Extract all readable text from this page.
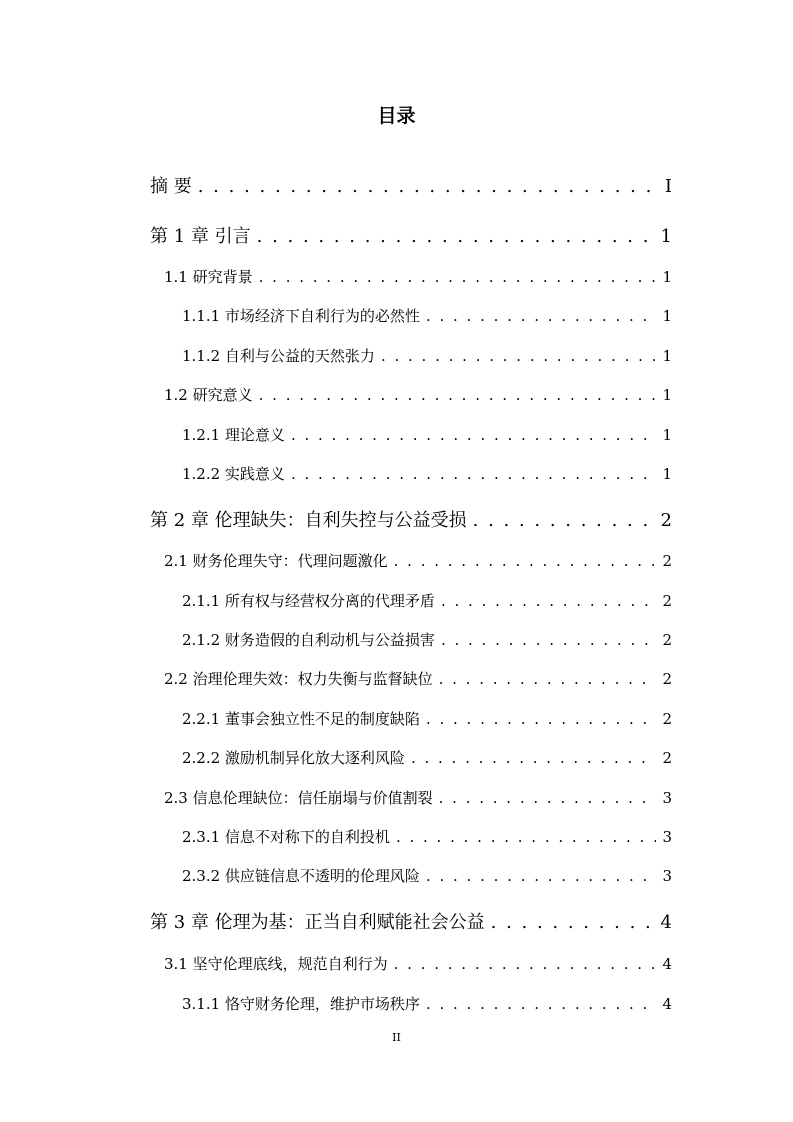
目录
摘 要 . . .	I
第 1 章 引言 . . .	1
1.1 研究背景 . . .	1
1.1.1 市场经济下自利行为的必然性 . . .	1
1.1.2 自利与公益的天然张力 . . .	1
1.2 研究意义 . . .	1
1.2.1 理论意义 . . .	1
1.2.2 实践意义 . . .	1
第 2 章 伦理缺失：自利失控与公益受损 . . .	2
2.1 财务伦理失守：代理问题激化 . . .	2
2.1.1 所有权与经营权分离的代理矛盾 . . .	2
2.1.2 财务造假的自利动机与公益损害 . . .	2
2.2 治理伦理失效：权力失衡与监督缺位 . . .	2
2.2.1 董事会独立性不足的制度缺陷 . . .	2
2.2.2 激励机制异化放大逐利风险 . . .	2
2.3 信息伦理缺位：信任崩塌与价值割裂 . . .	3
2.3.1 信息不对称下的自利投机 . . .	3
2.3.2 供应链信息不透明的伦理风险 . . .	3
第 3 章 伦理为基：正当自利赋能社会公益 . . .	4
3.1 坚守伦理底线，规范自利行为 . . .	4
3.1.1 恪守财务伦理，维护市场秩序 . . .	4
II
